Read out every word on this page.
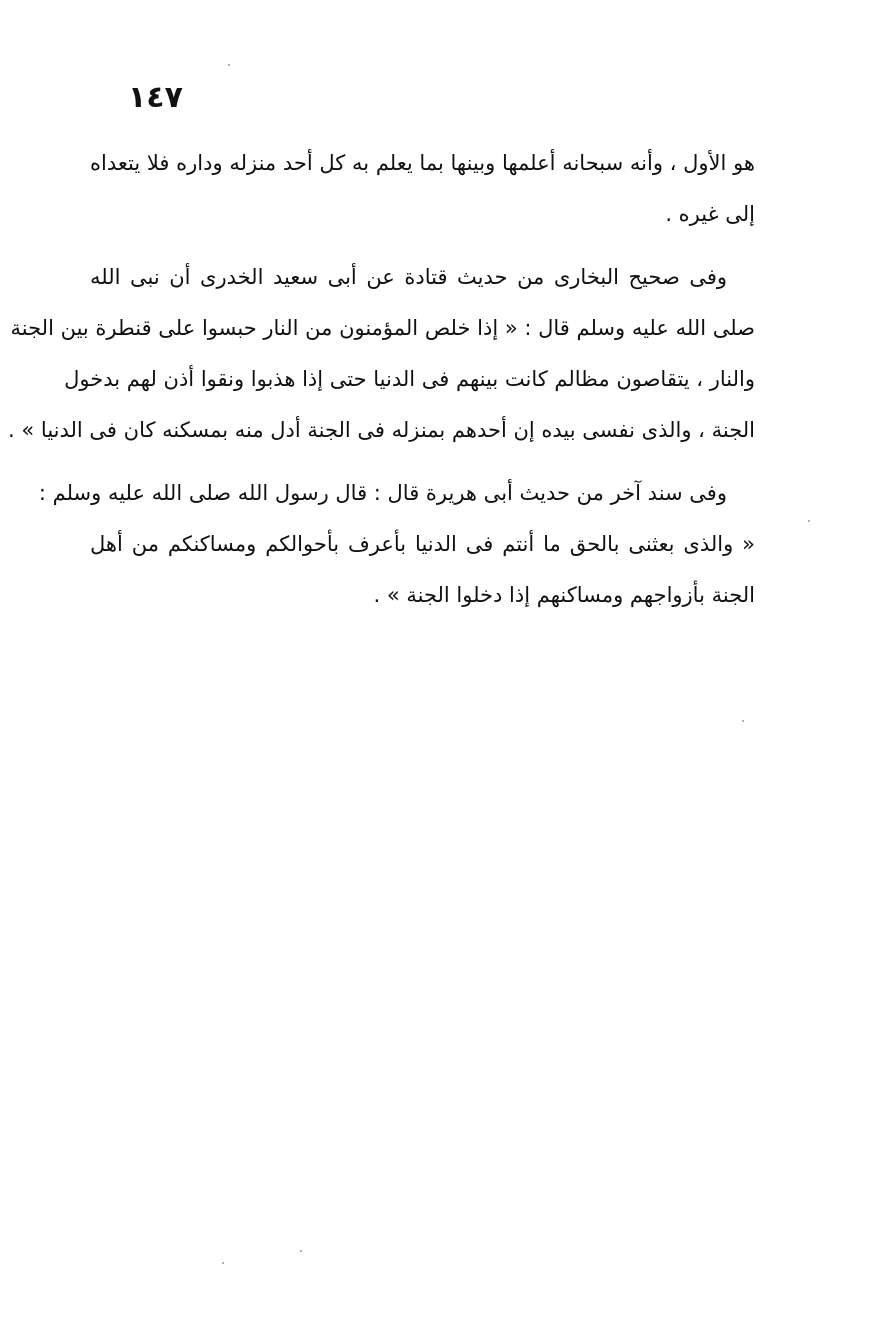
١٤٧
هو الأول ، وأنه سبحانه أعلمها وبينها بما يعلم به كل أحد منزله وداره فلا يتعداه
إلى غيره .
وفى صحيح البخارى من حديث قتادة عن أبى سعيد الخدرى أن نبى الله
صلى الله عليه وسلم قال : « إذا خلص المؤمنون من النار حبسوا على قنطرة بين الجنة
والنار ، يتقاصون مظالم كانت بينهم فى الدنيا حتى إذا هذبوا ونقوا أذن لهم بدخول
الجنة ، والذى نفسى بيده إن أحدهم بمنزله فى الجنة أدل منه بمسكنه كان فى الدنيا » .
وفى سند آخر من حديث أبى هريرة قال : قال رسول الله صلى الله عليه وسلم :
« والذى بعثنى بالحق ما أنتم فى الدنيا بأعرف بأحوالكم ومساكنكم من أهل
الجنة بأزواجهم ومساكنهم إذا دخلوا الجنة » .
